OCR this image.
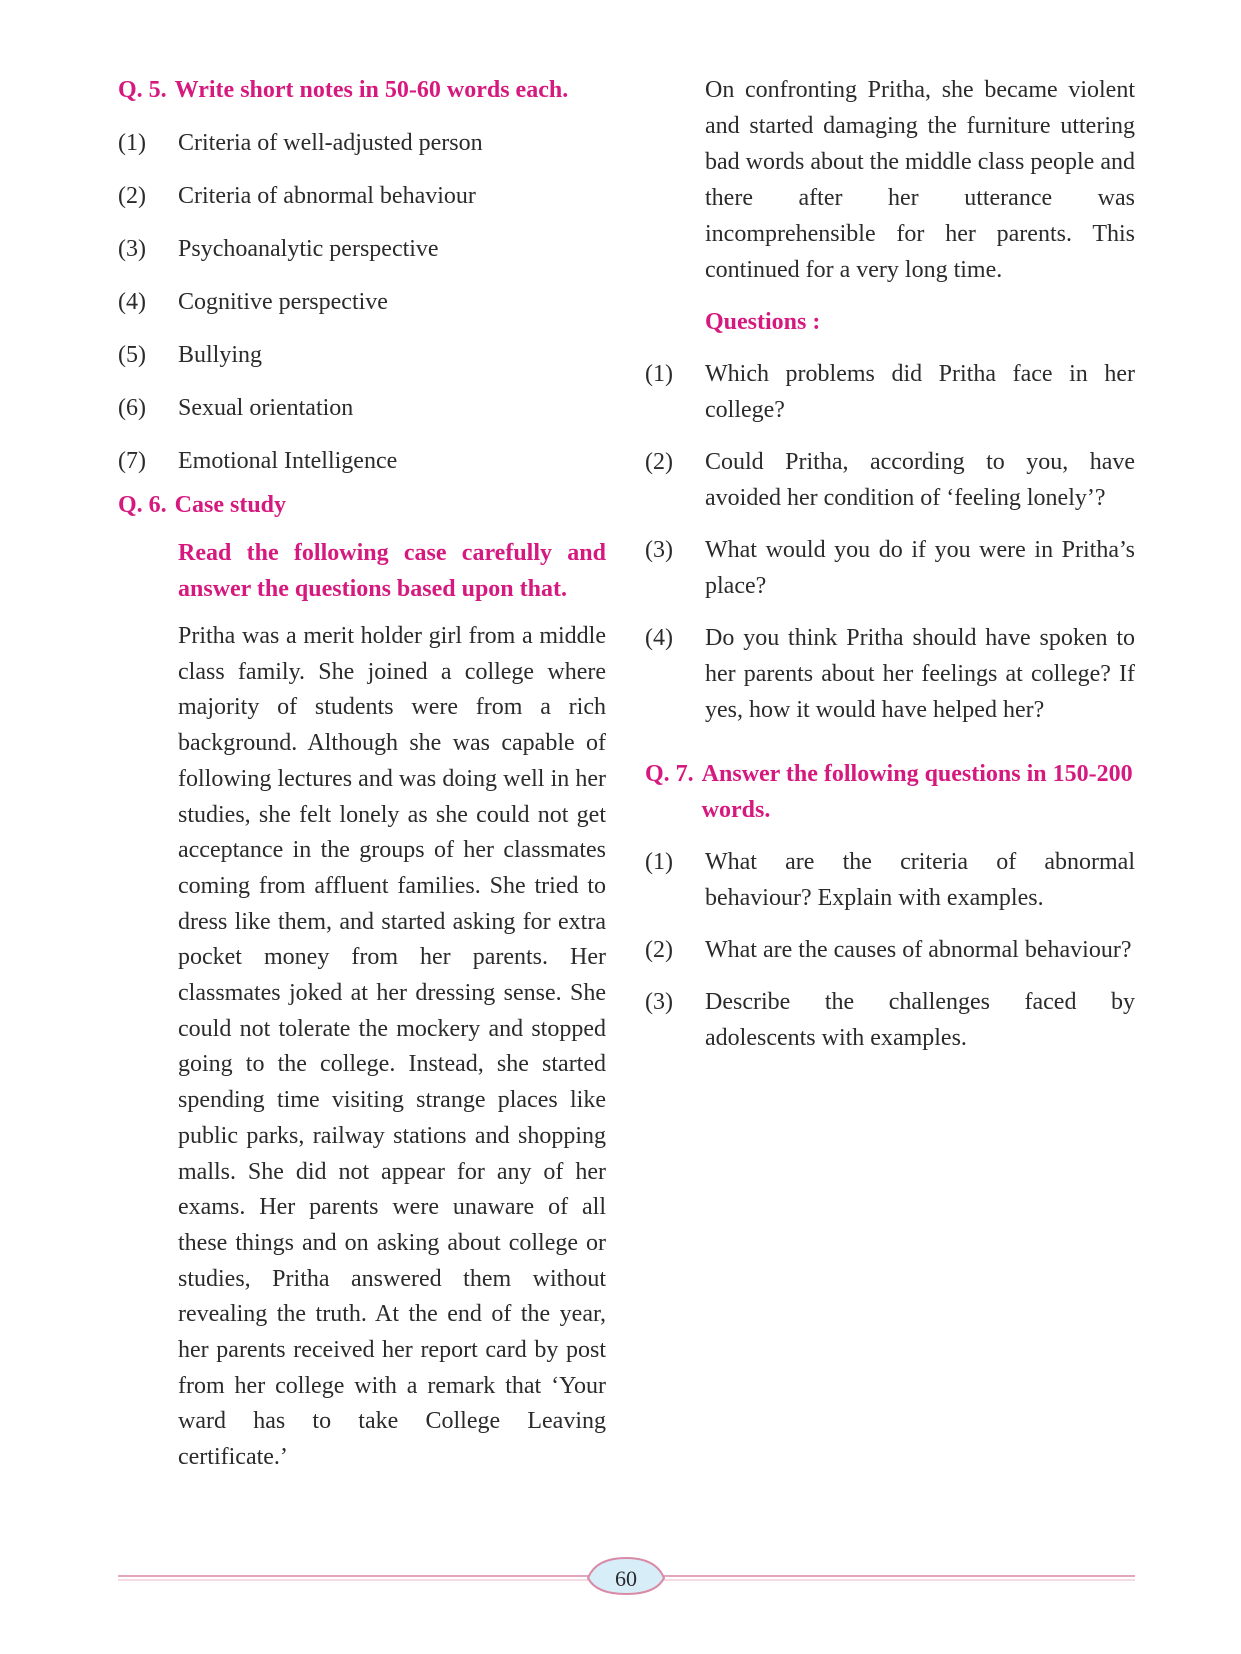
Q. 5. Write short notes in 50-60 words each.
(1)	Criteria of well-adjusted person
(2)	Criteria of abnormal behaviour
(3)	Psychoanalytic perspective
(4)	Cognitive perspective
(5)	Bullying
(6)	Sexual orientation
(7)	Emotional Intelligence
Q. 6. Case study
Read the following case carefully and answer the questions based upon that.
Pritha was a merit holder girl from a middle class family. She joined a college where majority of students were from a rich background. Although she was capable of following lectures and was doing well in her studies, she felt lonely as she could not get acceptance in the groups of her classmates coming from affluent families. She tried to dress like them, and started asking for extra pocket money from her parents. Her classmates joked at her dressing sense. She could not tolerate the mockery and stopped going to the college. Instead, she started spending time visiting strange places like public parks, railway stations and shopping malls. She did not appear for any of her exams. Her parents were unaware of all these things and on asking about college or studies, Pritha answered them without revealing the truth. At the end of the year, her parents received her report card by post from her college with a remark that ‘Your ward has to take College Leaving certificate.’
On confronting Pritha, she became violent and started damaging the furniture uttering bad words about the middle class people and there after her utterance was incomprehensible for her parents. This continued for a very long time.
Questions :
(1)	Which problems did Pritha face in her college?
(2)	Could Pritha, according to you, have avoided her condition of ‘feeling lonely’?
(3)	What would you do if you were in Pritha’s place?
(4)	Do you think Pritha should have spoken to her parents about her feelings at college? If yes, how it would have helped her?
Q. 7. Answer the following questions in 150-200 words.
(1)	What are the criteria of abnormal behaviour? Explain with examples.
(2)	What are the causes of abnormal behaviour?
(3)	Describe the challenges faced by adolescents with examples.
60
